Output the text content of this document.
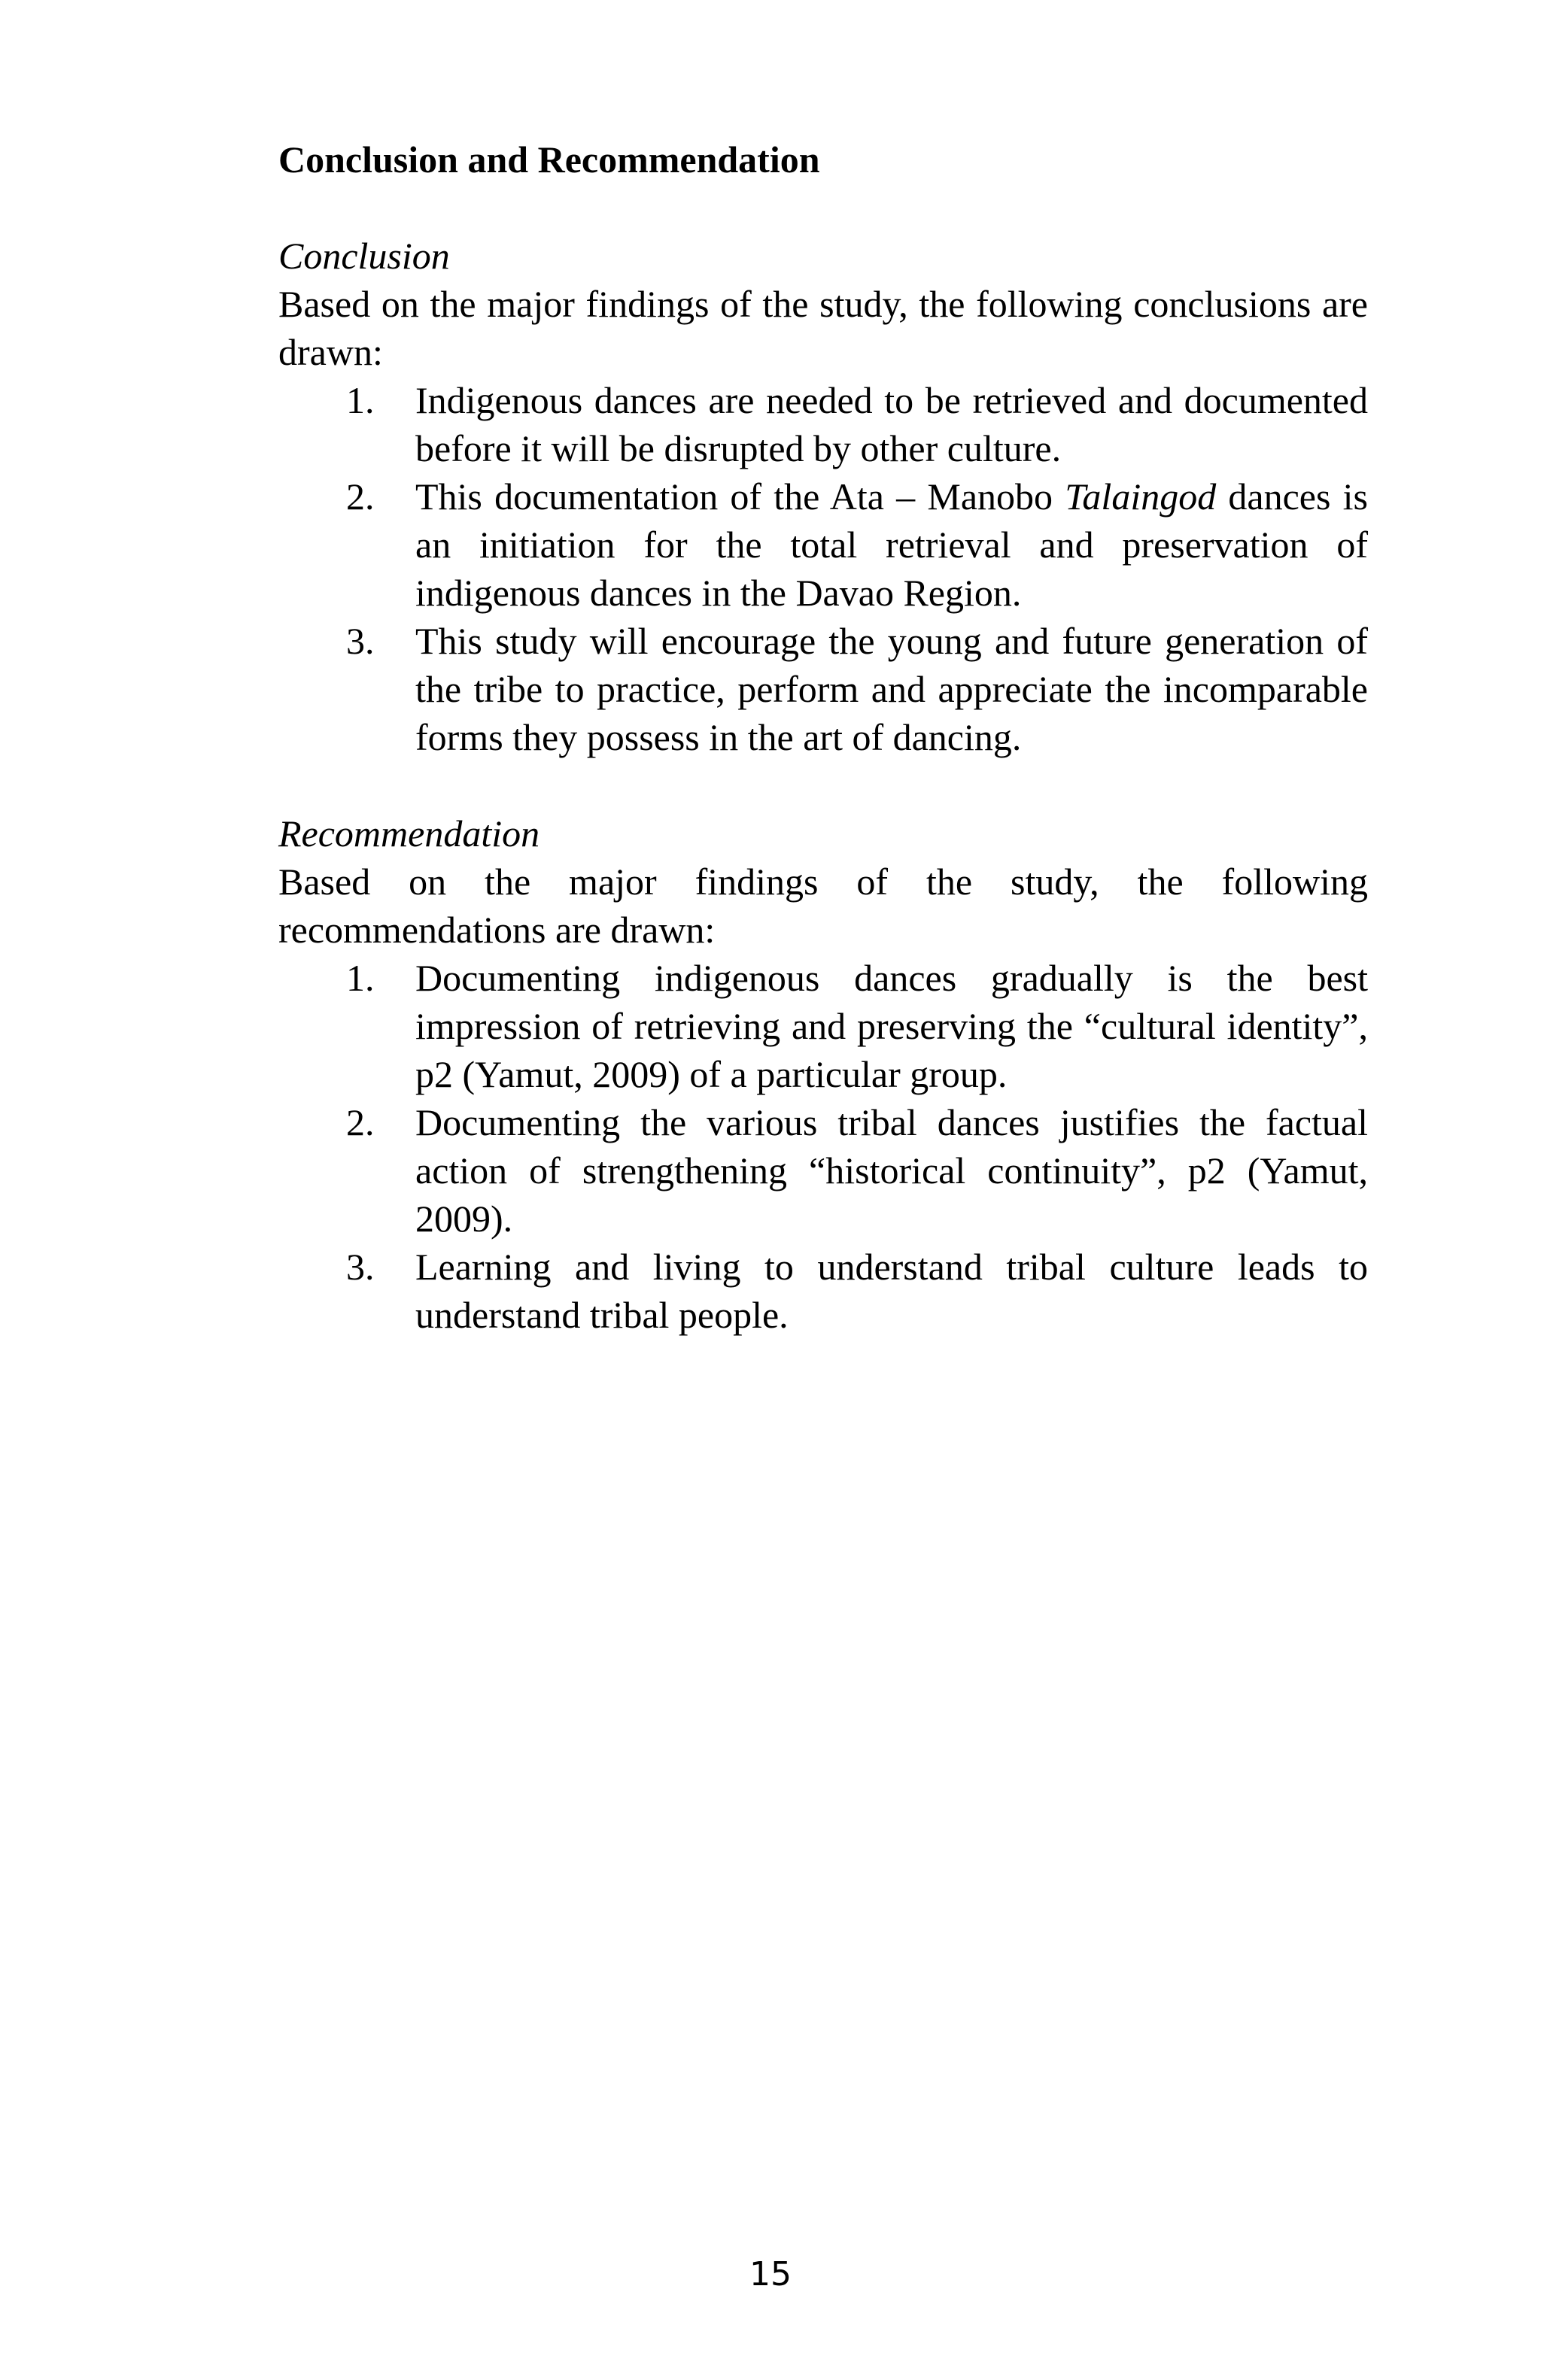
Conclusion and Recommendation

Conclusion

Based on the major findings of the study, the following conclusions are drawn:

1. Indigenous dances are needed to be retrieved and documented before it will be disrupted by other culture.
2. This documentation of the Ata – Manobo Talaingod dances is an initiation for the total retrieval and preservation of indigenous dances in the Davao Region.
3. This study will encourage the young and future generation of the tribe to practice, perform and appreciate the incomparable forms they possess in the art of dancing.

Recommendation

Based on the major findings of the study, the following recommendations are drawn:

1. Documenting indigenous dances gradually is the best impression of retrieving and preserving the “cultural identity”, p2 (Yamut, 2009) of a particular group.
2. Documenting the various tribal dances justifies the factual action of strengthening “historical continuity”, p2 (Yamut, 2009).
3. Learning and living to understand tribal culture leads to understand tribal people.
15
